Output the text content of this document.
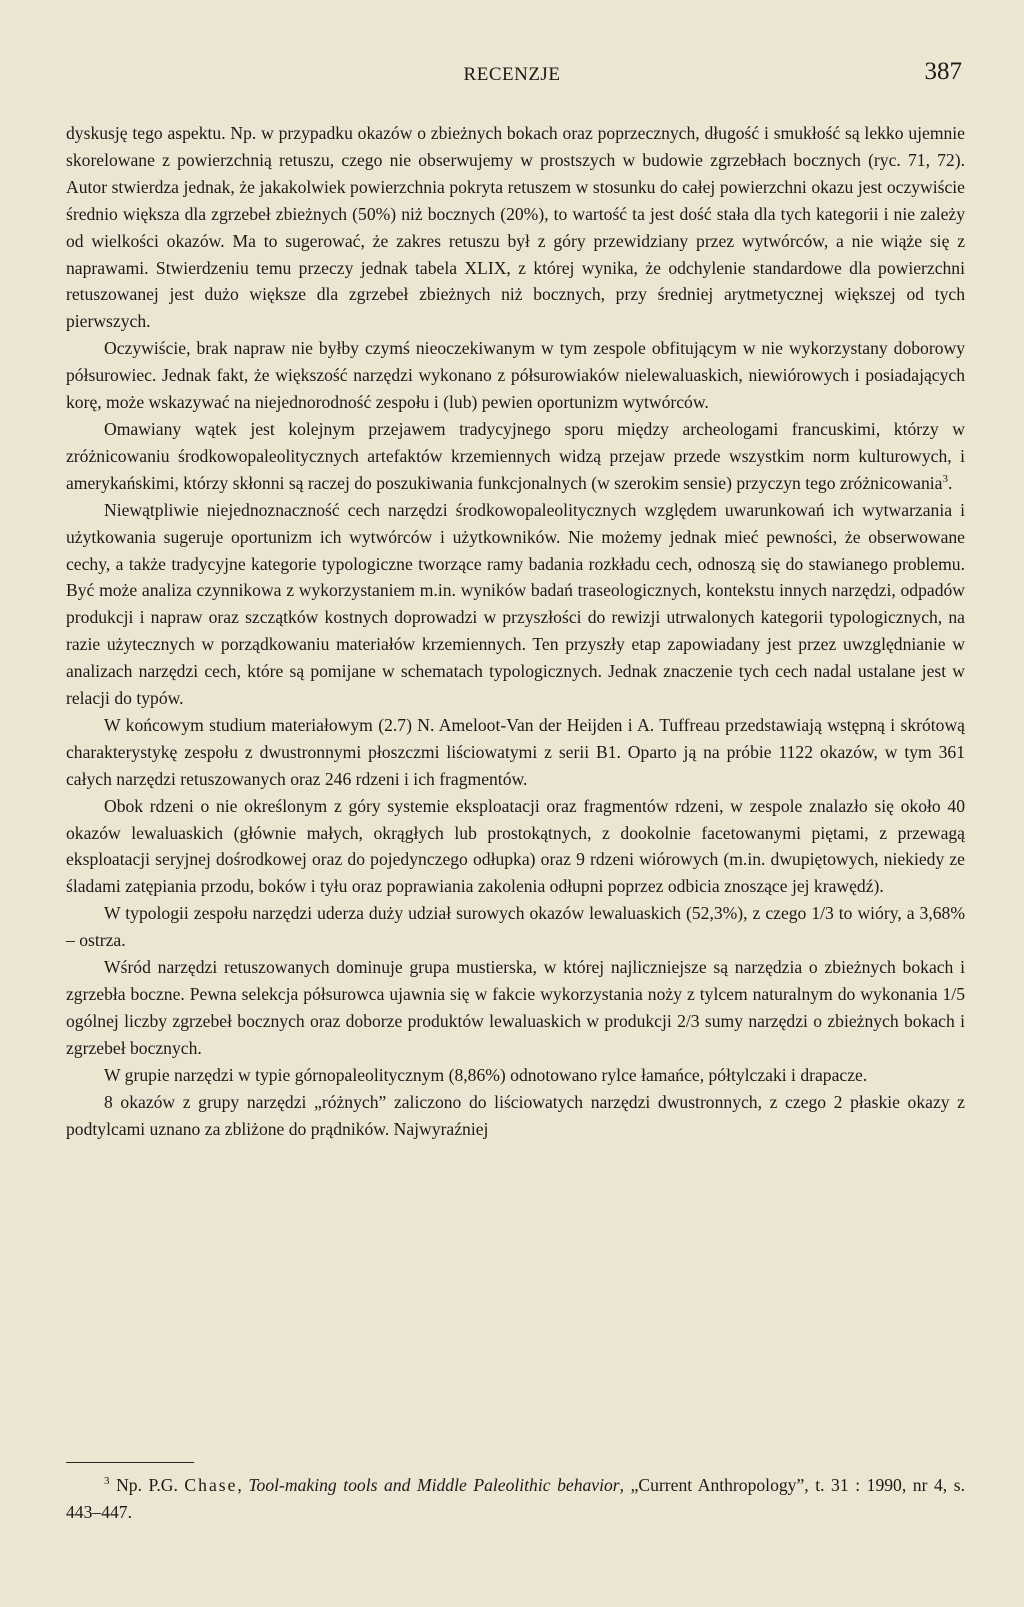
RECENZJE	387

dyskusję tego aspektu. Np. w przypadku okazów o zbieżnych bokach oraz poprzecznych, długość i smukłość są lekko ujemnie skorelowane z powierzchnią retuszu, czego nie obserwujemy w prostszych w budowie zgrzebłach bocznych (ryc. 71, 72). Autor stwierdza jednak, że jakakolwiek powierzchnia pokryta retuszem w stosunku do całej powierzchni okazu jest oczywiście średnio większa dla zgrzebeł zbieżnych (50%) niż bocznych (20%), to wartość ta jest dość stała dla tych kategorii i nie zależy od wielkości okazów. Ma to sugerować, że zakres retuszu był z góry przewidziany przez wytwórców, a nie wiąże się z naprawami. Stwierdzeniu temu przeczy jednak tabela XLIX, z której wynika, że odchylenie standardowe dla powierzchni retuszowanej jest dużo większe dla zgrzebeł zbieżnych niż bocznych, przy średniej arytmetycznej większej od tych pierwszych.

Oczywiście, brak napraw nie byłby czymś nieoczekiwanym w tym zespole obfitującym w nie wykorzystany doborowy półsurowiec. Jednak fakt, że większość narzędzi wykonano z półsurowiaków nielewaluaskich, niewiórowych i posiadających korę, może wskazywać na niejednorodność zespołu i (lub) pewien oportunizm wytwórców.

Omawiany wątek jest kolejnym przejawem tradycyjnego sporu między archeologami francuskimi, którzy w zróżnicowaniu środkowopaleolitycznych artefaktów krzemiennych widzą przejaw przede wszystkim norm kulturowych, i amerykańskimi, którzy skłonni są raczej do poszukiwania funkcjonalnych (w szerokim sensie) przyczyn tego zróżnicowania$^3$.

Niewątpliwie niejednoznaczność cech narzędzi środkowopaleolitycznych względem uwarunkowań ich wytwarzania i użytkowania sugeruje oportunizm ich wytwórców i użytkowników. Nie możemy jednak mieć pewności, że obserwowane cechy, a także tradycyjne kategorie typologiczne tworzące ramy badania rozkładu cech, odnoszą się do stawianego problemu. Być może analiza czynnikowa z wykorzystaniem m.in. wyników badań traseologicznych, kontekstu innych narzędzi, odpadów produkcji i napraw oraz szczątków kostnych doprowadzi w przyszłości do rewizji utrwalonych kategorii typologicznych, na razie użytecznych w porządkowaniu materiałów krzemiennych. Ten przyszły etap zapowiadany jest przez uwzględnianie w analizach narzędzi cech, które są pomijane w schematach typologicznych. Jednak znaczenie tych cech nadal ustalane jest w relacji do typów.

W końcowym studium materiałowym (2.7) N. Ameloot-Van der Heijden i A. Tuffreau przedstawiają wstępną i skrótową charakterystykę zespołu z dwustronnymi płoszczmi liściowatymi z serii B1. Oparto ją na próbie 1122 okazów, w tym 361 całych narzędzi retuszowanych oraz 246 rdzeni i ich fragmentów.

Obok rdzeni o nie określonym z góry systemie eksploatacji oraz fragmentów rdzeni, w zespole znalazło się około 40 okazów lewaluaskich (głównie małych, okrągłych lub prostokątnych, z dookolnie facetowanymi piętami, z przewagą eksploatacji seryjnej dośrodkowej oraz do pojedynczego odłupka) oraz 9 rdzeni wiórowych (m.in. dwupiętowych, niekiedy ze śladami zatępiania przodu, boków i tyłu oraz poprawiania zakolenia odłupni poprzez odbicia znoszące jej krawędź).

W typologii zespołu narzędzi uderza duży udział surowych okazów lewaluaskich (52,3%), z czego 1/3 to wióry, a 3,68% – ostrza.

Wśród narzędzi retuszowanych dominuje grupa mustierska, w której najliczniejsze są narzędzia o zbieżnych bokach i zgrzebła boczne. Pewna selekcja półsurowca ujawnia się w fakcie wykorzystania noży z tylcem naturalnym do wykonania 1/5 ogólnej liczby zgrzebeł bocznych oraz doborze produktów lewaluaskich w produkcji 2/3 sumy narzędzi o zbieżnych bokach i zgrzebeł bocznych.

W grupie narzędzi w typie górnopaleolitycznym (8,86%) odnotowano rylce łamańce, półtylczaki i drapacze.

8 okazów z grupy narzędzi „różnych” zaliczono do liściowatych narzędzi dwustronnych, z czego 2 płaskie okazy z podtylcami uznano za zbliżone do prądników. Najwyraźniej

$^3$ Np. P.G. Chase, Tool-making tools and Middle Paleolithic behavior, „Current Anthropology”, t. 31 : 1990, nr 4, s. 443–447.
